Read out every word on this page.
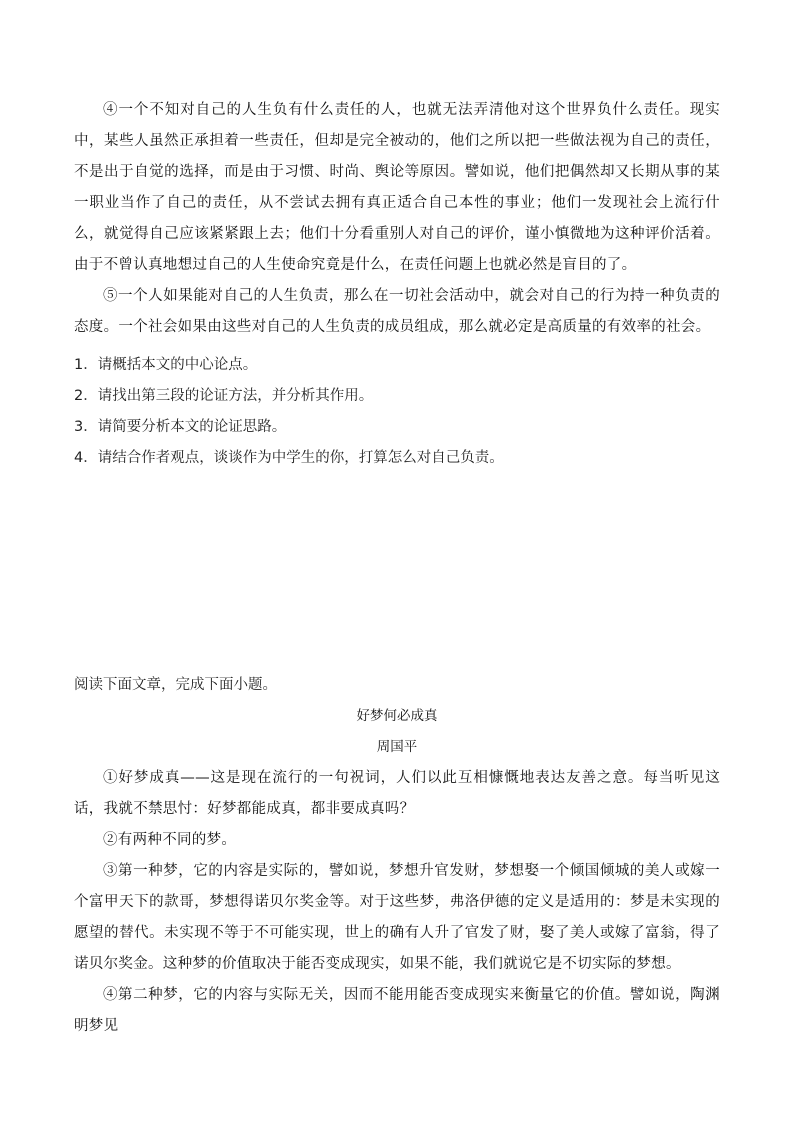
④一个不知对自己的人生负有什么责任的人，也就无法弄清他对这个世界负什么责任。现实中，某些人虽然正承担着一些责任，但却是完全被动的，他们之所以把一些做法视为自己的责任，不是出于自觉的选择，而是由于习惯、时尚、舆论等原因。譬如说，他们把偶然却又长期从事的某一职业当作了自己的责任，从不尝试去拥有真正适合自己本性的事业；他们一发现社会上流行什么，就觉得自己应该紧紧跟上去；他们十分看重别人对自己的评价，谨小慎微地为这种评价活着。由于不曾认真地想过自己的人生使命究竟是什么，在责任问题上也就必然是盲目的了。

⑤一个人如果能对自己的人生负责，那么在一切社会活动中，就会对自己的行为持一种负责的态度。一个社会如果由这些对自己的人生负责的成员组成，那么就必定是高质量的有效率的社会。

1．请概括本文的中心论点。

2．请找出第三段的论证方法，并分析其作用。

3．请简要分析本文的论证思路。

4．请结合作者观点，谈谈作为中学生的你，打算怎么对自己负责。

阅读下面文章，完成下面小题。

好梦何必成真

周国平

①好梦成真——这是现在流行的一句祝词，人们以此互相慷慨地表达友善之意。每当听见这话，我就不禁思忖：好梦都能成真，都非要成真吗？

②有两种不同的梦。

③第一种梦，它的内容是实际的，譬如说，梦想升官发财，梦想娶一个倾国倾城的美人或嫁一个富甲天下的款哥，梦想得诺贝尔奖金等。对于这些梦，弗洛伊德的定义是适用的：梦是未实现的愿望的替代。未实现不等于不可能实现，世上的确有人升了官发了财，娶了美人或嫁了富翁，得了诺贝尔奖金。这种梦的价值取决于能否变成现实，如果不能，我们就说它是不切实际的梦想。

④第二种梦，它的内容与实际无关，因而不能用能否变成现实来衡量它的价值。譬如说，陶渊明梦见
